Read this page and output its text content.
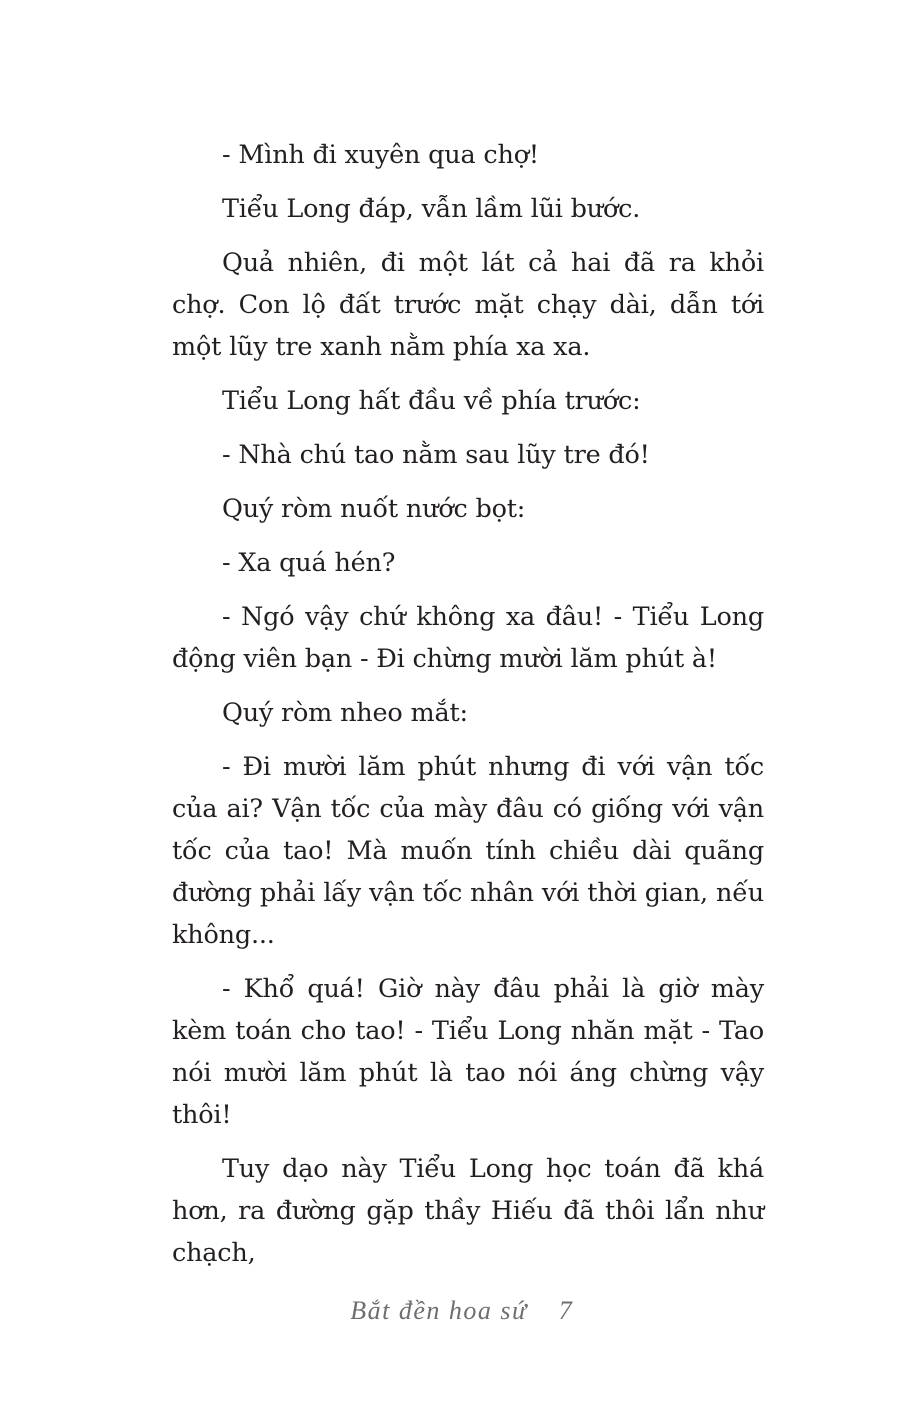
- Mình đi xuyên qua chợ!

Tiểu Long đáp, vẫn lầm lũi bước.

Quả nhiên, đi một lát cả hai đã ra khỏi chợ. Con lộ đất trước mặt chạy dài, dẫn tới một lũy tre xanh nằm phía xa xa.

Tiểu Long hất đầu về phía trước:

- Nhà chú tao nằm sau lũy tre đó!

Quý ròm nuốt nước bọt:

- Xa quá hén?

- Ngó vậy chứ không xa đâu! - Tiểu Long động viên bạn - Đi chừng mười lăm phút à!

Quý ròm nheo mắt:

- Đi mười lăm phút nhưng đi với vận tốc của ai? Vận tốc của mày đâu có giống với vận tốc của tao! Mà muốn tính chiều dài quãng đường phải lấy vận tốc nhân với thời gian, nếu không...

- Khổ quá! Giờ này đâu phải là giờ mày kèm toán cho tao! - Tiểu Long nhăn mặt - Tao nói mười lăm phút là tao nói áng chừng vậy thôi!

Tuy dạo này Tiểu Long học toán đã khá hơn, ra đường gặp thầy Hiếu đã thôi lẩn như chạch,

Bắt đền hoa sứ 7
